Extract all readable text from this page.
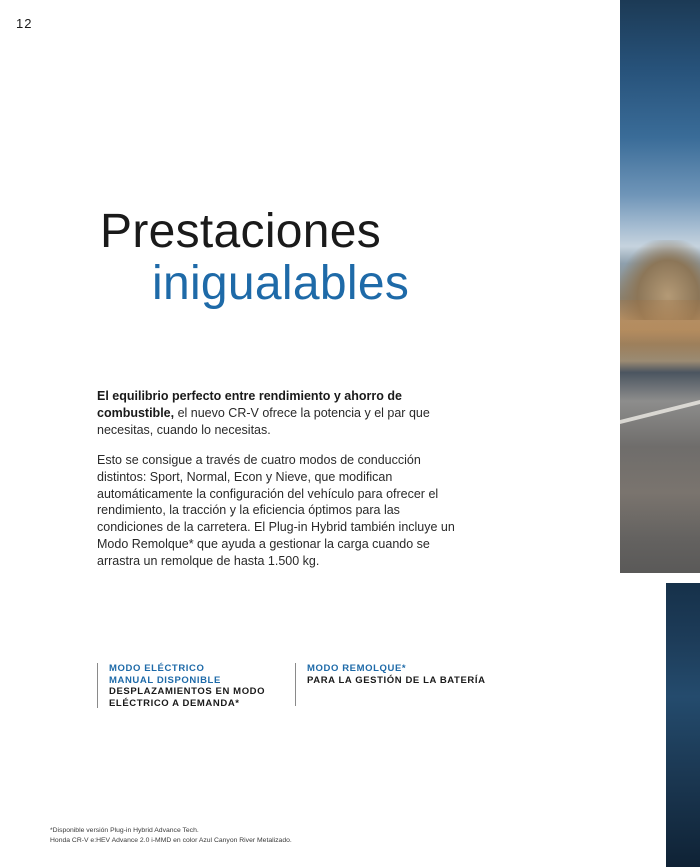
12
Prestaciones
inigualables

El equilibrio perfecto entre rendimiento y ahorro de combustible, el nuevo CR-V ofrece la potencia y el par que necesitas, cuando lo necesitas.

Esto se consigue a través de cuatro modos de conducción distintos: Sport, Normal, Econ y Nieve, que modifican automáticamente la configuración del vehículo para ofrecer el rendimiento, la tracción y la eficiencia óptimos para las condiciones de la carretera. El Plug-in Hybrid también incluye un Modo Remolque* que ayuda a gestionar la carga cuando se arrastra un remolque de hasta 1.500 kg.

MODO ELÉCTRICO
MANUAL DISPONIBLE
DESPLAZAMIENTOS EN MODO ELÉCTRICO A DEMANDA*
MODO REMOLQUE*
PARA LA GESTIÓN DE LA BATERÍA
*Disponible versión Plug-in Hybrid Advance Tech.
Honda CR-V e:HEV Advance 2.0 i-MMD en color Azul Canyon River Metalizado.
